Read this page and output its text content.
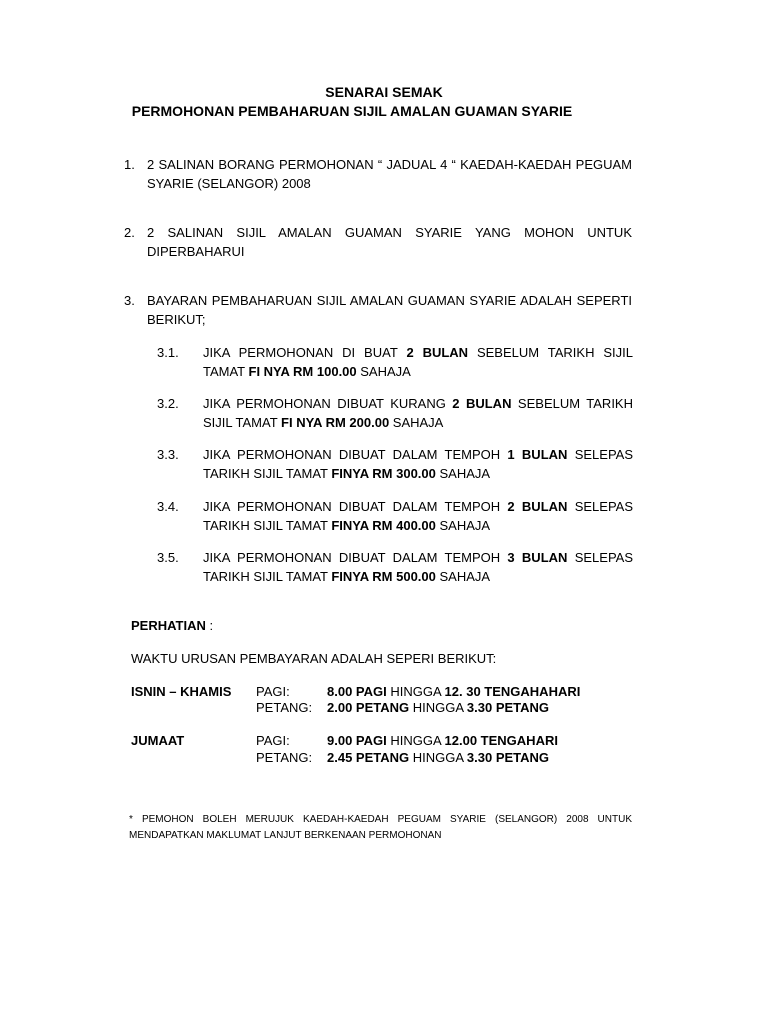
SENARAI SEMAK
PERMOHONAN PEMBAHARUAN SIJIL AMALAN GUAMAN SYARIE
1. 2 SALINAN BORANG PERMOHONAN “ JADUAL 4 “ KAEDAH-KAEDAH PEGUAM SYARIE (SELANGOR) 2008
2. 2 SALINAN SIJIL AMALAN GUAMAN SYARIE YANG MOHON UNTUK DIPERBAHARUI
3. BAYARAN PEMBAHARUAN SIJIL AMALAN GUAMAN SYARIE ADALAH SEPERTI BERIKUT;
3.1. JIKA PERMOHONAN DI BUAT 2 BULAN SEBELUM TARIKH SIJIL TAMAT FI NYA RM 100.00 SAHAJA
3.2. JIKA PERMOHONAN DIBUAT KURANG 2 BULAN SEBELUM TARIKH SIJIL TAMAT FI NYA RM 200.00 SAHAJA
3.3. JIKA PERMOHONAN DIBUAT DALAM TEMPOH 1 BULAN SELEPAS TARIKH SIJIL TAMAT FINYA RM 300.00 SAHAJA
3.4. JIKA PERMOHONAN DIBUAT DALAM TEMPOH 2 BULAN SELEPAS TARIKH SIJIL TAMAT FINYA RM 400.00 SAHAJA
3.5. JIKA PERMOHONAN DIBUAT DALAM TEMPOH 3 BULAN SELEPAS TARIKH SIJIL TAMAT FINYA RM 500.00 SAHAJA
PERHATIAN :
WAKTU URUSAN PEMBAYARAN ADALAH SEPERI BERIKUT:
ISNIN – KHAMIS PAGI:	8.00 PAGI HINGGA 12. 30 TENGAHAHARI
PETANG: 2.00 PETANG HINGGA 3.30 PETANG
JUMAAT	PAGI:	9.00 PAGI HINGGA 12.00 TENGAHARI
PETANG: 2.45 PETANG HINGGA 3.30 PETANG
* PEMOHON BOLEH MERUJUK KAEDAH-KAEDAH PEGUAM SYARIE (SELANGOR) 2008 UNTUK MENDAPATKAN MAKLUMAT LANJUT BERKENAAN PERMOHONAN
